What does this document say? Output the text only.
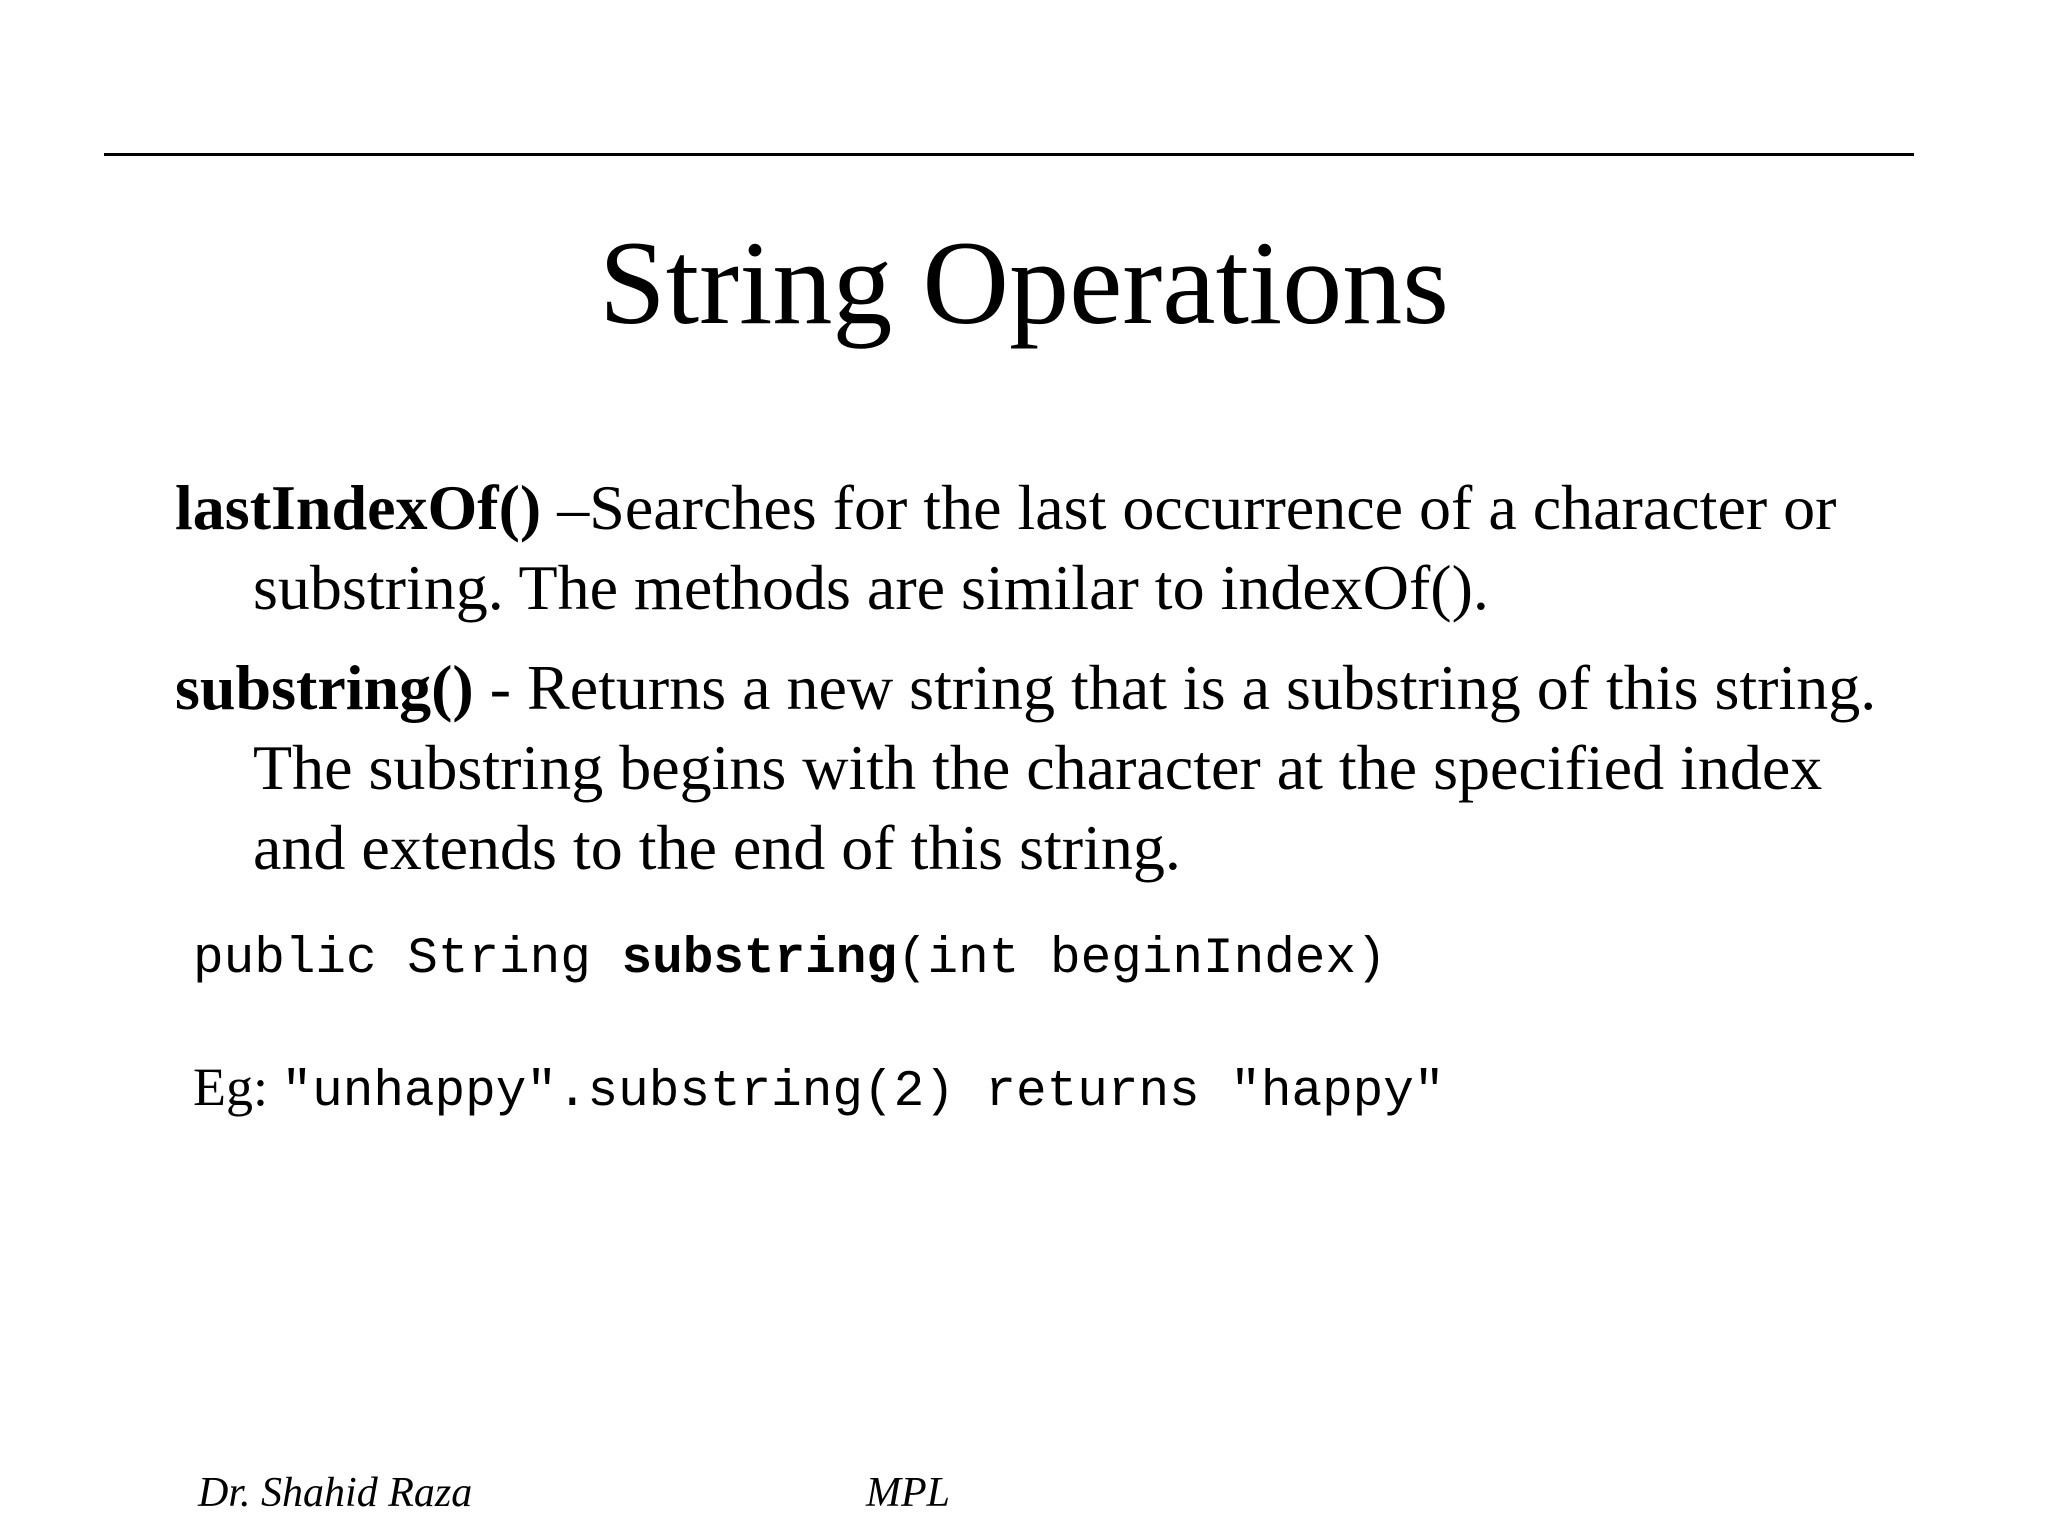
String Operations
lastIndexOf() –Searches for the last occurrence of a character or substring. The methods are similar to indexOf().
substring() - Returns a new string that is a substring of this string. The substring begins with the character at the specified index and extends to the end of this string.
public String substring(int beginIndex)
Eg: "unhappy".substring(2) returns "happy"
Dr. Shahid Raza	MPL
